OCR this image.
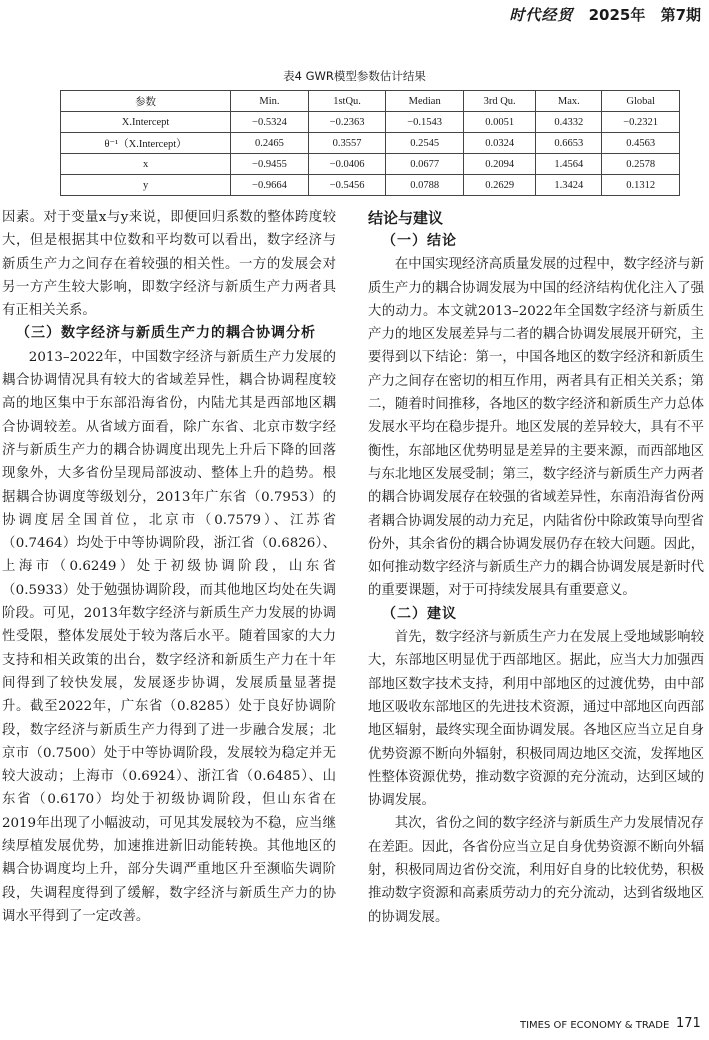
时代经贸 2025年 第7期
表4 GWR模型参数估计结果
参数	Min.	1stQu.	Median	3rd Qu.	Max.	Global
X.Intercept	−0.5324	−0.2363	−0.1543	0.0051	0.4332	−0.2321
θ⁻¹（X.Intercept）	0.2465	0.3557	0.2545	0.0324	0.6653	0.4563
x	−0.9455	−0.0406	0.0677	0.2094	1.4564	0.2578
y	−0.9664	−0.5456	0.0788	0.2629	1.3424	0.1312

因素。对于变量x与y来说，即便回归系数的整体跨度较大，但是根据其中位数和平均数可以看出，数字经济与新质生产力之间存在着较强的相关性。一方的发展会对另一方产生较大影响，即数字经济与新质生产力两者具有正相关关系。

（三）数字经济与新质生产力的耦合协调分析

2013–2022年，中国数字经济与新质生产力发展的耦合协调情况具有较大的省域差异性，耦合协调程度较高的地区集中于东部沿海省份，内陆尤其是西部地区耦合协调较差。从省域方面看，除广东省、北京市数字经济与新质生产力的耦合协调度出现先上升后下降的回落现象外，大多省份呈现局部波动、整体上升的趋势。根据耦合协调度等级划分，2013年广东省（0.7953）的协调度居全国首位，北京市（0.7579）、江苏省（0.7464）均处于中等协调阶段，浙江省（0.6826）、上海市（0.6249）处于初级协调阶段，山东省（0.5933）处于勉强协调阶段，而其他地区均处在失调阶段。可见，2013年数字经济与新质生产力发展的协调性受限，整体发展处于较为落后水平。随着国家的大力支持和相关政策的出台，数字经济和新质生产力在十年间得到了较快发展，发展逐步协调，发展质量显著提升。截至2022年，广东省（0.8285）处于良好协调阶段，数字经济与新质生产力得到了进一步融合发展；北京市（0.7500）处于中等协调阶段，发展较为稳定并无较大波动；上海市（0.6924）、浙江省（0.6485）、山东省（0.6170）均处于初级协调阶段，但山东省在2019年出现了小幅波动，可见其发展较为不稳，应当继续厚植发展优势，加速推进新旧动能转换。其他地区的耦合协调度均上升，部分失调严重地区升至濒临失调阶段，失调程度得到了缓解，数字经济与新质生产力的协调水平得到了一定改善。

结论与建议

（一）结论

在中国实现经济高质量发展的过程中，数字经济与新质生产力的耦合协调发展为中国的经济结构优化注入了强大的动力。本文就2013–2022年全国数字经济与新质生产力的地区发展差异与二者的耦合协调发展展开研究，主要得到以下结论：第一，中国各地区的数字经济和新质生产力之间存在密切的相互作用，两者具有正相关关系；第二，随着时间推移，各地区的数字经济和新质生产力总体发展水平均在稳步提升。地区发展的差异较大，具有不平衡性，东部地区优势明显是差异的主要来源，而西部地区与东北地区发展受制；第三，数字经济与新质生产力两者的耦合协调发展存在较强的省域差异性，东南沿海省份两者耦合协调发展的动力充足，内陆省份中除政策导向型省份外，其余省份的耦合协调发展仍存在较大问题。因此，如何推动数字经济与新质生产力的耦合协调发展是新时代的重要课题，对于可持续发展具有重要意义。

（二）建议

首先，数字经济与新质生产力在发展上受地域影响较大，东部地区明显优于西部地区。据此，应当大力加强西部地区数字技术支持，利用中部地区的过渡优势，由中部地区吸收东部地区的先进技术资源，通过中部地区向西部地区辐射，最终实现全面协调发展。各地区应当立足自身优势资源不断向外辐射，积极同周边地区交流，发挥地区性整体资源优势，推动数字资源的充分流动，达到区域的协调发展。

其次，省份之间的数字经济与新质生产力发展情况存在差距。因此，各省份应当立足自身优势资源不断向外辐射，积极同周边省份交流，利用好自身的比较优势，积极推动数字资源和高素质劳动力的充分流动，达到省级地区的协调发展。

TIMES OF ECONOMY & TRADE 171
